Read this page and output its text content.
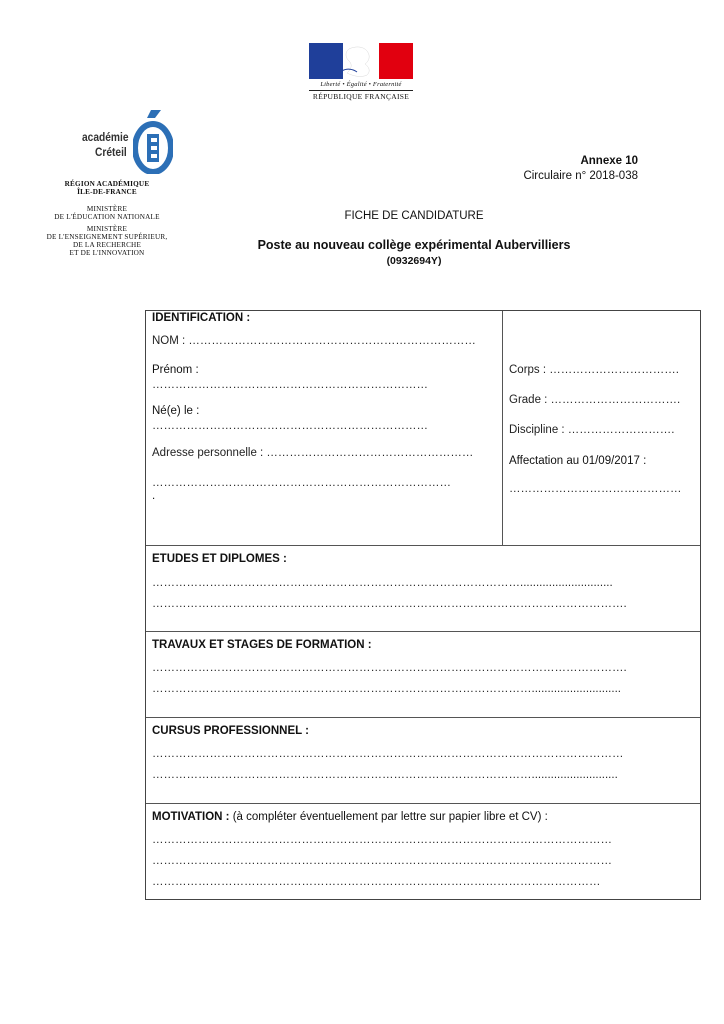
Liberté • Égalité • Fraternité
RÉPUBLIQUE FRANÇAISE
académie
Créteil
RÉGION ACADÉMIQUE
ÎLE-DE-FRANCE
MINISTÈRE
DE L'ÉDUCATION NATIONALE
MINISTÈRE
DE L'ENSEIGNEMENT SUPÉRIEUR,
DE LA RECHERCHE
ET DE L'INNOVATION
Annexe 10
Circulaire n° 2018-038
FICHE DE CANDIDATURE
Poste au nouveau collège expérimental Aubervilliers
(0932694Y)
IDENTIFICATION :
NOM : …………………………………………………………………
Prénom :
………………………………………………………………
Né(e) le :
………………………………………………………………
Adresse personnelle : ………………………………………………
……………………………………………………………………
.
Corps : …………………………….
Grade : …………………………….
Discipline : ……………………….
Affectation au 01/09/2017 :
………………………………………
ETUDES ET DIPLOMES :
…………………………………………………………………………………….............................
…………………………………………………………………………………………………………….
TRAVAUX ET STAGES DE FORMATION :
…………………………………………………………………………………………………………….
………………………………………………………………………………………............................
CURSUS PROFESSIONNEL :
……………………………………………………………………………………………………………
………………………………………………………………………………………...........................
MOTIVATION : (à compléter éventuellement par lettre sur papier libre et CV) :
…………………………………………………………………………………………………………
…………………………………………………………………………………………………………
………………………………………………………………………………………………………
